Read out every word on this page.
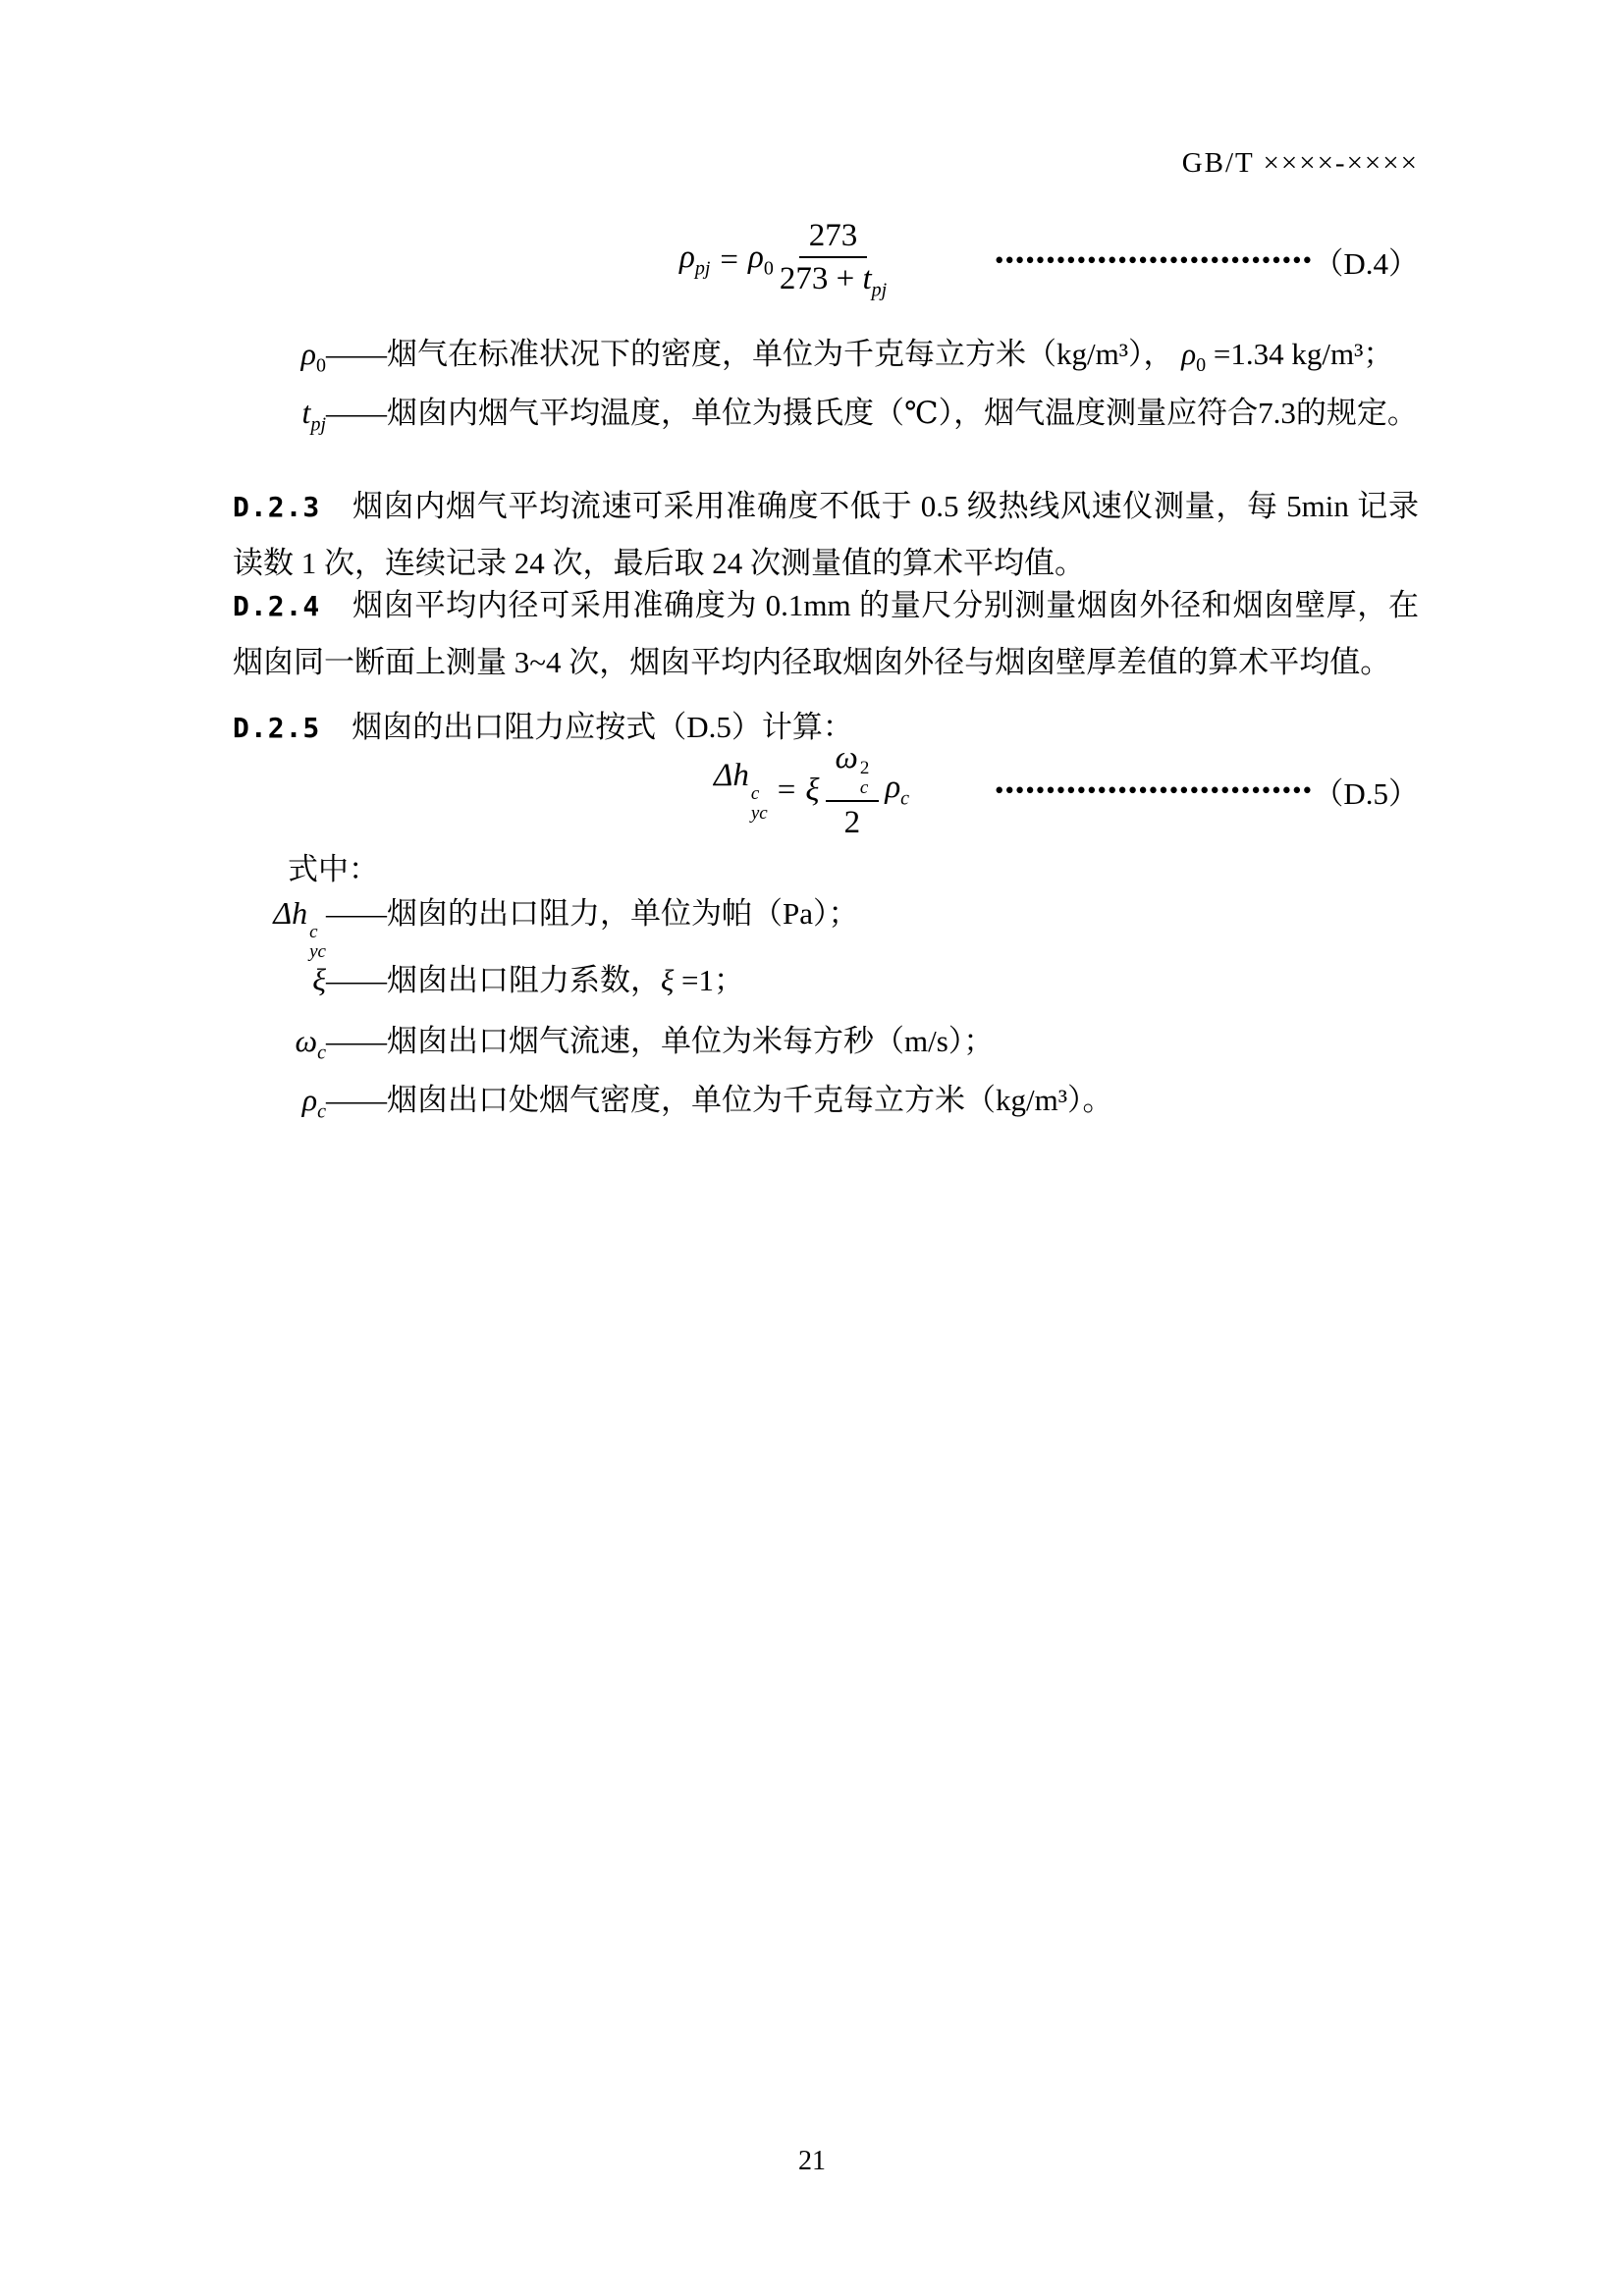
GB/T ××××-××××
$\rho_{pj} = \rho_0 \frac{273}{273 + t_{pj}}$	••••••••••••••••••••••••••••••• （D.4）
$\rho_0$ ——烟气在标准状况下的密度，单位为千克每立方米（kg/m³）， $\rho_0 =1.34$ kg/m³；
$t_{pj}$ ——烟囱内烟气平均温度，单位为摄氏度（℃），烟气温度测量应符合7.3的规定。
D.2.3 烟囱内烟气平均流速可采用准确度不低于 0.5 级热线风速仪测量，每 5min 记录读数 1 次，连续记录 24 次，最后取 24 次测量值的算术平均值。
D.2.4 烟囱平均内径可采用准确度为 0.1mm 的量尺分别测量烟囱外径和烟囱壁厚，在烟囱同一断面上测量 3~4 次，烟囱平均内径取烟囱外径与烟囱壁厚差值的算术平均值。
D.2.5 烟囱的出口阻力应按式（D.5）计算：
Δh
c
yc
= ξ ω 2
c
2 $\rho_c$	••••••••••••••••••••••••••••••• （D.5）
式中：
Δh
c
yc
——烟囱的出口阻力，单位为帕（Pa）；
ξ ——烟囱出口阻力系数，ξ =1；
$\omega_c$ ——烟囱出口烟气流速，单位为米每方秒（m/s）；
$\rho_c$ ——烟囱出口处烟气密度，单位为千克每立方米（kg/m³）。
21
